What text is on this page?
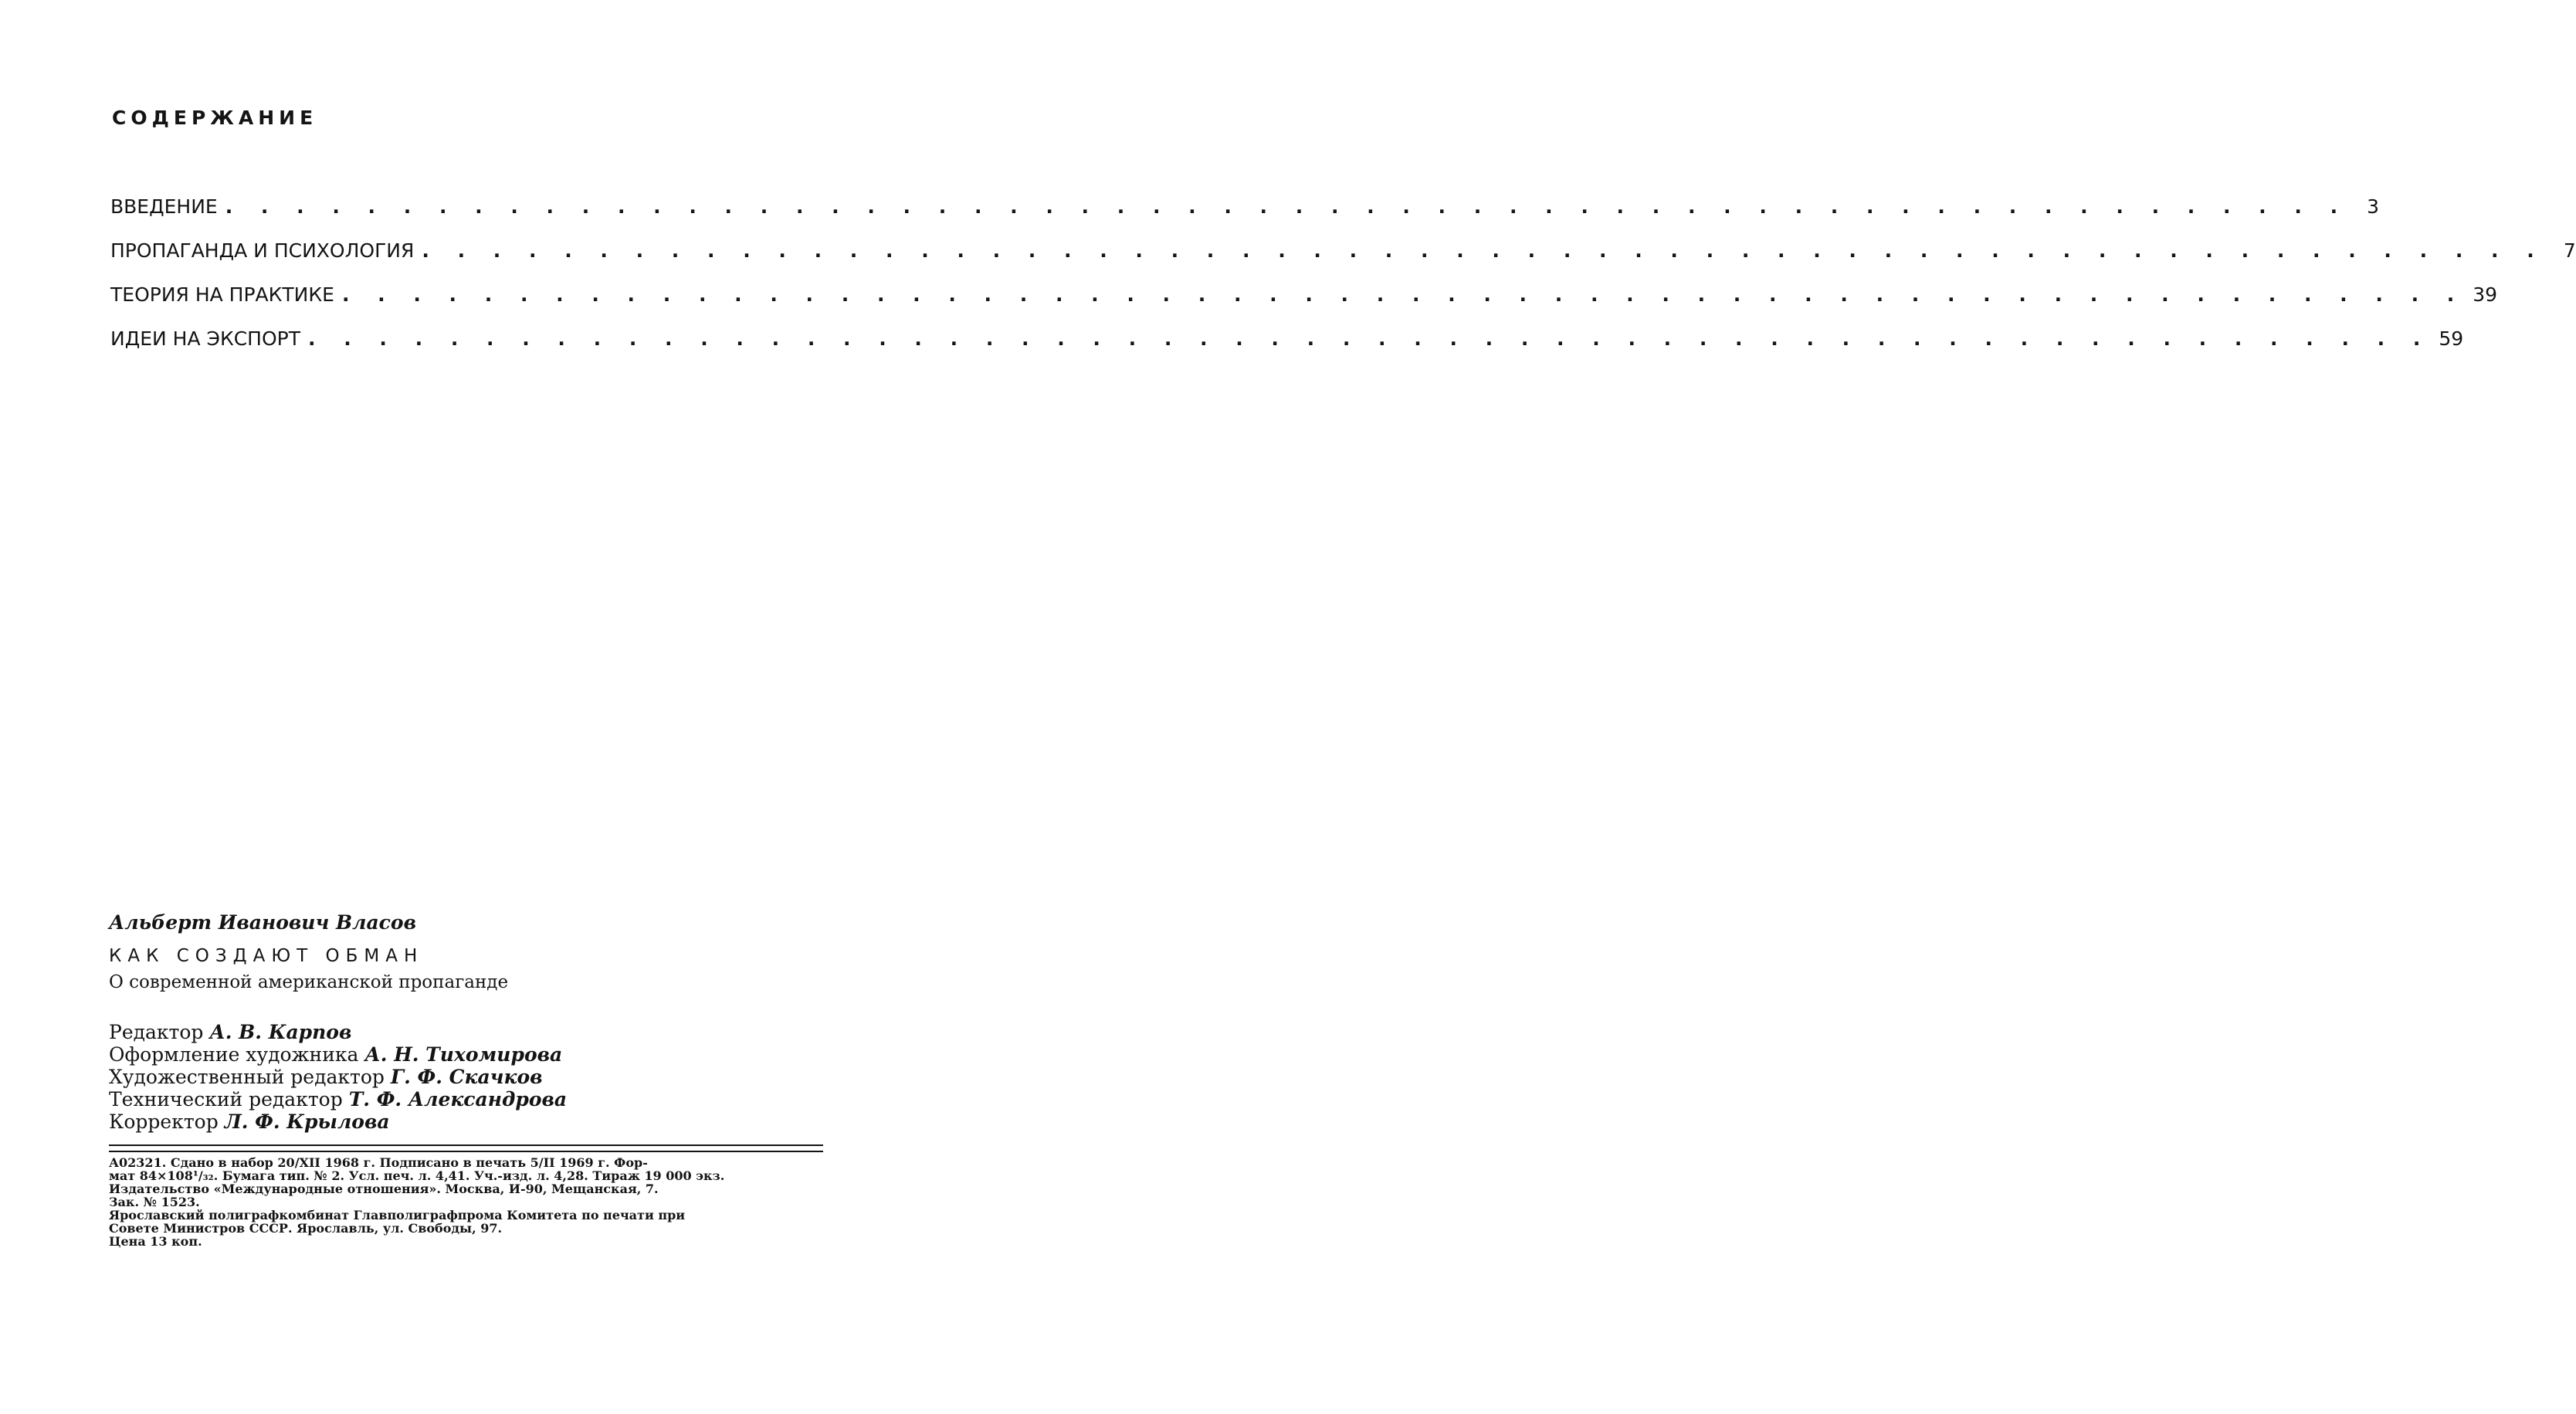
СОДЕРЖАНИЕ
ВВЕДЕНИЕ . . . . . . . . . . . . . . . . . . . . . . . . . . . . . . . . . . . . . . . . . . . . . . . . . . . . . . . . . . . . 3
ПРОПАГАНДА И ПСИХОЛОГИЯ . . . . . . . . . . . . . . . . . . . . . . . . . . . . . . . . . . . . . . . . . . . . . . . . . . . . . . . . . . . . 7
ТЕОРИЯ НА ПРАКТИКЕ . . . . . . . . . . . . . . . . . . . . . . . . . . . . . . . . . . . . . . . . . . . . . . . . . . . . . . . . . . . . 39
ИДЕИ НА ЭКСПОРТ . . . . . . . . . . . . . . . . . . . . . . . . . . . . . . . . . . . . . . . . . . . . . . . . . . . . . . . . . . . . 59
Альберт Иванович Власов
КАК СОЗДАЮТ ОБМАН
О современной американской пропаганде
Редактор А. В. Карпов
Оформление художника А. Н. Тихомирова
Художественный редактор Г. Ф. Скачков
Технический редактор Т. Ф. Александрова
Корректор Л. Ф. Крылова
А02321. Сдано в набор 20/XII 1968 г. Подписано в печать 5/II 1969 г. Фор-
мат 84×108¹/₃₂. Бумага тип. № 2. Усл. печ. л. 4,41. Уч.-изд. л. 4,28. Тираж 19 000 экз.
Издательство «Международные отношения». Москва, И-90, Мещанская, 7.
Зак. № 1523.
Ярославский полиграфкомбинат Главполиграфпрома Комитета по печати при
Совете Министров СССР. Ярославль, ул. Свободы, 97.
Цена 13 коп.
